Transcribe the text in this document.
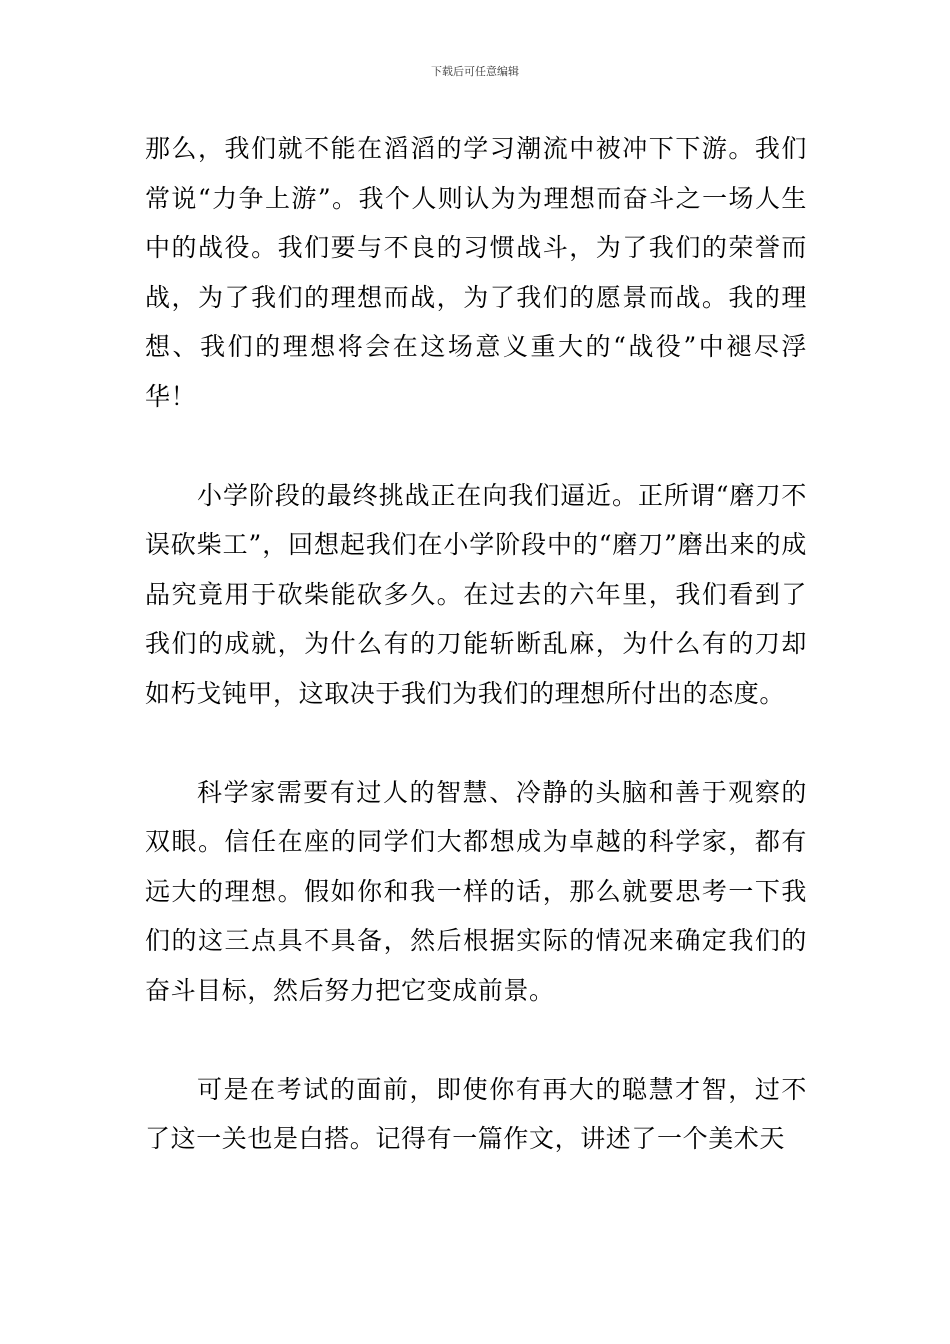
下载后可任意编辑

那么，我们就不能在滔滔的学习潮流中被冲下下游。我们常说“力争上游”。我个人则认为为理想而奋斗之一场人生中的战役。我们要与不良的习惯战斗，为了我们的荣誉而战，为了我们的理想而战，为了我们的愿景而战。我的理想、我们的理想将会在这场意义重大的“战役”中褪尽浮华！

小学阶段的最终挑战正在向我们逼近。正所谓“磨刀不误砍柴工”，回想起我们在小学阶段中的“磨刀”磨出来的成品究竟用于砍柴能砍多久。在过去的六年里，我们看到了我们的成就，为什么有的刀能斩断乱麻，为什么有的刀却如朽戈钝甲，这取决于我们为我们的理想所付出的态度。

科学家需要有过人的智慧、冷静的头脑和善于观察的双眼。信任在座的同学们大都想成为卓越的科学家，都有远大的理想。假如你和我一样的话，那么就要思考一下我们的这三点具不具备，然后根据实际的情况来确定我们的奋斗目标，然后努力把它变成前景。

可是在考试的面前，即使你有再大的聪慧才智，过不了这一关也是白搭。记得有一篇作文，讲述了一个美术天
